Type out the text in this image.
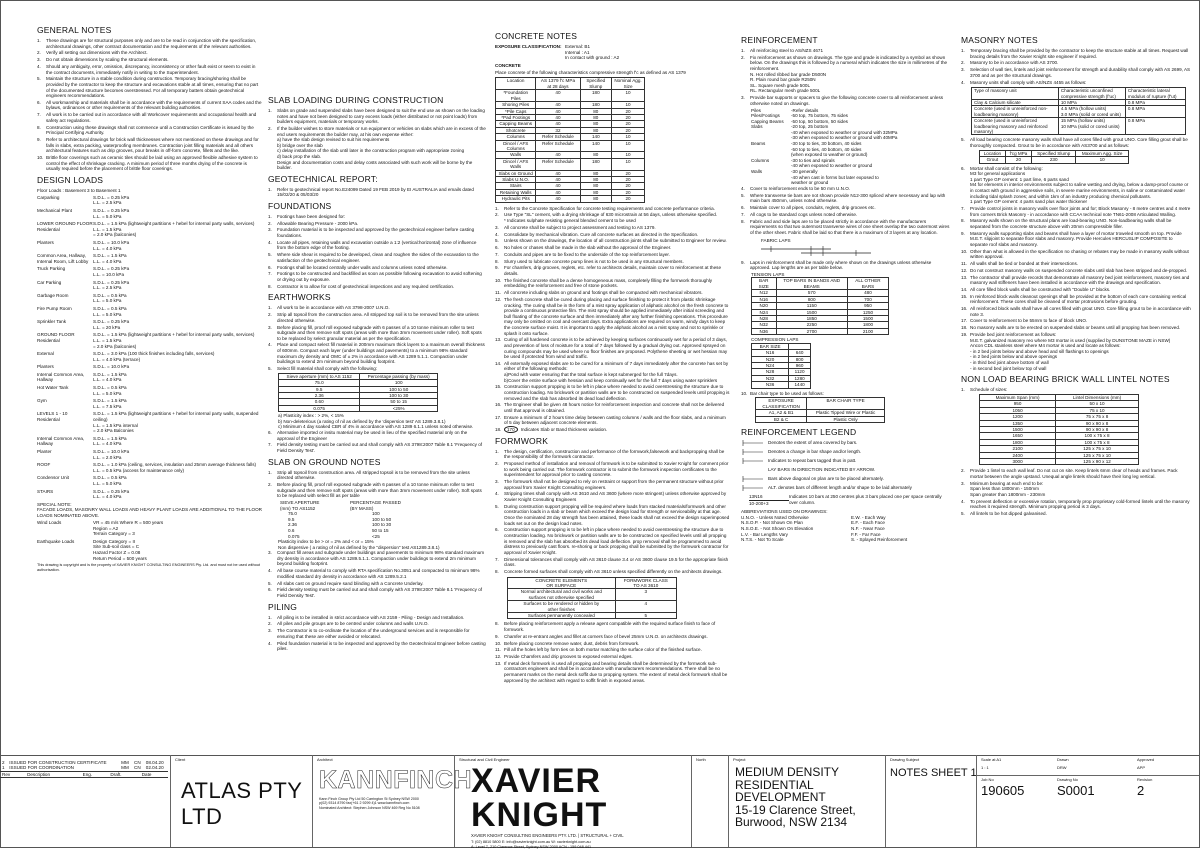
GENERAL NOTES
1.	These drawings are for structural purposes only and are to be read in conjunction with the specification, architectural drawings, other contract documentation and the requirements of the relevant authorities.
2.	Verify all setting out dimensions with the Architect.
3.	Do not obtain dimensions by scaling the structural elements.
4.	Should any ambiguity, error, omission, discrepancy, inconsistency or other fault exist or seem to exist in the contract documents, immediately notify in writing to the Superintendent.
5.	Maintain the structure in a stable condition during construction. Temporary bracing/shoring shall be provided by the contractor to keep the structure and excavations stable at all times, ensuring that no part of the documented structure becomes overstressed. For all temporary batters obtain geotechnical engineers recommendations.
6.	All workmanship and materials shall be in accordance with the requirements of current SAA codes and the bylaws, ordinances or other requirements of the relevant building authorities.
7.	All work is to be carried out in accordance with all Workcover requirements and occupational health and safety act regulations.
8.	Construction using these drawings shall not commence until a Construction Certificate is issued by the Principal Certifying Authority.
9.	Refer to architectural drawings for brick wall thicknesses where not mentioned on these drawings and for falls in slabs, extra packing, waterproofing membranes. Contraction joint filling materials and all others architectural features such as drip grooves, pour breaks in off-form concrete, fillets and the like.
10. Brittle floor coverings such as ceramic tiles should be laid using an approved flexible adhesive system to control the effect of shrinkage cracking. A minimum period of three months drying of the concrete is usually required before the placement of brittle floor coverings.
DESIGN LOADS
Floor Loads : Basement 3 to Basement 1
Carparking	S.D.L. = 0.25 kPa
L.L. = 2.5 kPa
Mechanical Plant	S.D.L. = 0.25 kPa
L.L. = 5.0 kPa
LOWER GROUND FLOOR
Residential
S.D.L. = 1.5 kPa (lightweight partitions + hebel for internal party walls, services)
L.L. = 1.5 kPa
= 2.0 kPa (balconies)
Planters	S.D.L. = 10.0 kPa
L.L. = 4.0 kPa
Common Area, Hallway, Internal Room, Lift Lobby
S.D.L. = 1.5 kPa
L.L. = 4.0 kPa
Truck Parking	S.D.L. = 0.25 kPa
L.L. = 10.0 kPa
Car Parking	S.D.L. = 0.25 kPa
L.L. = 2.5 kPa
Garbage Room	S.D.L. = 0.5 kPa
L.L. = 5.0 kPa
Fire Pump Room	S.D.L. = 0.5 kPa
L.L. = 5.0 kPa
Sprinkler Tank	S.D.L. = 0.25 kPa
L.L. = 20 kPa
GROUND FLOOR
Residential
S.D.L. = 1.5 kPa (lightweight partitions + hebel for internal party walls, services)
L.L. = 1.5 kPa
= 2.0 kPa (balconies)
External	S.D.L. = 3.0 kPa (100 thick finishes including falls, services)
L.L. = 4.0 kPa (terrace)
Planters	S.D.L. = 10.0 kPa
Internal Common Area, Hallway
S.D.L. = 1.5 kPa
L.L. = 4.0 kPa
Hot Water Tank	S.D.L. = 0.5 kPa
L.L. = 5.0 kPa
Gym	S.D.L. = 1.5 kPa
L.L. = 7.5 kPa
LEVELS 1 - 10
Residential
S.D.L. = 1.5 kPa (lightweight partitions + hebel for internal party walls, suspended ceiling)
L.L. = 1.5 kPa internal
= 2.0 kPa Balconies
Internal Common Area, Hallway
S.D.L. = 1.5 kPa
L.L. = 4.0 kPa
Planter	S.D.L. = 10.0 kPa
L.L. = 2.0 kPa
ROOF	S.D.L. = 1.0 kPa (ceiling, services, insulation and 25mm average thickness falls)
L.L. = 0.5 kPa (access for maintenance only)
Condensor Unit	S.D.L. = 0.5 kPa
L.L. = 5.0 kPa
STAIRS	S.D.L. = 0.25 kPa
L.L. = 4.0 kPa
SPECIAL NOTE:
FACADE LOADS, MASONRY WALL LOADS AND HEAVY PLANT LOADS ARE ADDITIONAL TO THE FLOOR LOADS NOMINATED ABOVE.
Wind Loads	VR = 45 m/s Where R = 500 years
Region = A2
Terrain Category = 3
Earthquake Loads	Design Category = II
Site Sub-soil class = C
Hazard Factor Z = 0.08
Return Period = 500 years
This drawing is copyright and is the property of XAVIER KNIGHT CONSULTING ENGINEERS Pty. Ltd. and must not be used without authorisation.
SLAB LOADING DURING CONSTRUCTION
1.	Slabs on grade and suspended slabs have been designed to suit the end use as shown on the loading notes and have not been designed to carry excess loads (either distributed or not point loads) from builders equipment, materials or temporary works.
2.	If the builder wishes to store materials or run equipment or vehicles on slabs which are in excess of the end users requirements the builder may, at his own expense either:
a) have the slab design revised to suit his requirements
b) bridge over the slab
c) delay installation of the slab until later in the construction program with appropriate zoning
d) back prop the slab.
Design and documentation costs and delay costs associated with such work will be borne by the builder.
GEOTECHNICAL REPORT:
1.	Refer to geotechnical report No.E24099 Dated 19 FEB 2019 by EI AUSTRALIA and emails dated 15/02/20 & 05/03/20
FOUNDATIONS
1.	Footings have been designed for:
2.	Allowable Bearing Pressure - 2000 kPa.
3.	Foundation material is to be inspected and approved by the geotechnical engineer before casting foundations.
4.	Locate all pipes, retaining walls and excavation outside a 1:2 (vertical:horizontal) zone of influence from the bottom edge of the footing.
5.	Where side shear is required to be developed, clean and roughen the sides of the excavation to the satisfaction of the geotechnical engineer.
6.	Footings shall be located centrally under walls and columns unless noted otherwise.
7.	Footings to be constructed and backfilled as soon as possible following excavation to avoid softening or drying out by exposure.
8.	Contractor is to allow for cost of geotechnical inspections and any required certification.
EARTHWORKS
1.	All work to be in accordance with AS 3798-2007 U.N.O.
2.	Strip all topsoil from the construction area. All stripped top soil is to be removed from the site unless directed otherwise.
3.	Before placing fill, proof roll exposed subgrade with 6 passes of a 10 tonne minimum roller to test subgrade and then remove soft spots (areas with more than 3mm movement under roller). Soft spots to be replaced by select granular material as per the specification.
4.	Place and compact select fill material in 200mm maximum thick layers to a maximum overall thickness of 600mm. Compact each layer (under buildings and pavements) to a minimum 98% standard maximum dry density and OMC of ± 2% in accordance with AS 1289 5.1.1. Compaction under buildings to extend 2m minimum beyond building footprint.
5.	Select fill material shall comply with the following:
Sieve aperture (mm) to AS 1152	Percentage passing (by mass)
75.0	100
9.5	100 to 50
2.36	100 to 30
0.60	50 to 15
0.075	<25%
a) Plasticity index : > 2%, < 15%
b) Non-deleterious (a rating of nil as defined by the 'dispersion test' AS 1289.3.8.1)
c) Minimum 4 day soaked CBR of 4% in accordance with AS 1289 6.1.1 unless noted otherwise.
6.	Alternative imported or insitu material may be used in lieu of the specified material only on the approval of the Engineer
7.	Field density testing must be carried out and shall comply with AS 3798:2007 Table 8.1 'Frequency of Field Density Test'.
SLAB ON GROUND NOTES
1.	Strip all topsoil from construction area. All stripped topsoil is to be removed from the site unless directed otherwise.
2.	Before placing fill, proof roll exposed subgrade with 6 passes of a 10 tonne minimum roller to test subgrade and then remove soft spots (areas with more than 3mm movement under roller). Soft spots to be replaced with select fill as per table
SIEVE APERTURE
(mm) TO AS1152
PERCENTAGE PASSED
(BY MASS)
75.0	100
9.5	100 to 50
2.36	100 to 30
0.6	50 to 15
0.075	<25
Plasticity index to be > or = 2% and < or = 15%
Non dispersive ( a rating of nil as defined by the "dispersion" test AS1289.3.8.1)
3.	Compact fill areas and subgrade under buildings and pavements to minimum 98% standard maximum dry density in accordance with AS 1289.5.1.1. Compaction under buildings to extend 2m minimum beyond building footprint.
4.	All base course material to comply with RTA specification No.3051 and compacted to minimum 98% modified standard dry density in accordance with AS 1289.5.2.1
5.	All slabs cast on ground require sand blinding with a Concrete Underlay.
6.	Field density testing must be carried out and shall comply with AS 3798:2007 Table 8.1 'Frequency of Field Density Test'.
PILING
1.	All piling is to be installed in strict accordance with AS 2159 - Piling - Design and Installation.
2.	All piles and pile groups are to be centred under columns and walls U.N.O.
3.	The Contractor is to co-ordinate the location of the underground services and is responsible for ensuring that these are either avoided or relocated.
4.	Piled foundation material is to be inspected and approved by the Geotechnical Engineer before casting piles.
CONCRETE NOTES
EXPOSURE CLASSIFICATION: External: B1
Internal : A1
In contact with ground : A2
CONCRETE
Place concrete of the following characteristics compressive strength f'c as defined as AS 1379
Location	AS 1379 f'c MPa at 28 days	Specified Slump	Nominal Agg. Size
*Foundation Piles	40	180	10
Shoring Piles	40	180	10
*Pile Caps	40	80	20
*Pad Footings	40	80	20
Capping Beams	40	80	20
Shotcrete	32	80	20
Columns	Refer Schedule	140	10
Dincel / AFS Columns	Refer Schedule	140	10
Walls	40	80	10
Dincel / AFS Walls	Refer Schedule	180	10
Slabs on Ground	40	80	20
Slabs U.N.O.	40	80	20
Stairs	40	80	20
Retaining Walls	40	80	20
Hydraulic Pits	40	80	20
1.	Refer to the Concrete Specification for concrete testing requirements and concrete performance criteria.
2.	Use Type "SL" cement, with a drying shrinkage of 630 microstrain at 56 days, unless otherwise specified.
* Indicates sulphate resisting general blended cement to be used
3.	All concrete shall be subject to project assessment and testing to AS 1379.
4.	Consolidate by mechanical vibration. Cure all concrete surfaces as directed in the Specification.
5.	Unless shown on the drawings, the location of all construction joints shall be submitted to Engineer for review.
6.	No holes or chases shall be made in the slab without the approval of the Engineer.
7.	Conduits and pipes are to be fixed to the underside of the top reinforcement layer.
8.	Slurry used to lubricate concrete pump lines is not to be used in any structural members.
9.	For chamfers, drip grooves, reglets, etc. refer to architects details, maintain cover to reinforcement at these details.
10. The finished concrete shall be a dense homogeneous mass, completely filling the formwork thoroughly embedding the reinforcement and free of stone pockets.
11. All concrete including slabs on ground and footings shall be compacted with mechanical vibrators.
12. The fresh concrete shall be cured during placing and surface finishing to protect it from plastic shrinkage cracking. The curing shall be in the form of a mist spray application of aliphatic alcohol on the fresh concrete to provide a continuous protective film. The mist spray should be applied immediately after initial screeding and bull floating of the concrete surface and then immediately after any further finishing operations. This procedure may only be omitted on cool and overcast days. Extra applications are required on warm, windy days to keep the concrete surface moist. It is important to apply the aliphatic alcohol as a mist spray and not to sprinkle or splash it onto surface.
13. Curing of all hardened concrete is to be achieved by keeping surfaces continuously wet for a period of 3 days, and prevention of loss of moisture for a total of 7 days followed by a gradual drying out. Approved sprayed on curing compounds may be used where no floor finishes are proposed. Polythene sheeting or wet hessian may be used if protected from wind and traffic.
14. All externally exposed slabs are to be cured for a minimum of 7 days immediately after the concrete has set by either of the following methods:
a)Pond with water ensuring that the total surface is kept submerged for the full 7days.
b)Cover the entire surface with hessian and keep continually wet for the full 7 days using water sprinklers
15. Construction support propping is to be left in place where needed to avoid overstressing the structure due to construction loading. No brickwork or partition walls are to be constructed on suspended levels until propping is removed and the slab has absorbed its dead load deflection.
16. The Engineer shall be given 48 hours notice for reinforcement inspection and concrete shall not be delivered until that approval is obtained.
17. Ensure a minimum of 2 hours time delay between casting columns / walls and the floor slabs, and a minimum of 5 day between adjacent concrete elements.
18.	170 Indicates Slab or Band thickness variation.
FORMWORK
1.	The design, certification, construction and performance of the formwork,falsework and backpropping shall be the responsibility of the formwork contractor.
2.	Proposed method of installation and removal of formwork is to be submitted to Xavier Knight for comment prior to work being carried out. The formwork contractor is to submit the formwork inspection certificates to the superintendent for approval prior to casting concrete.
3.	The formwork shall not be designed to rely on restraint or support from the permanent structure without prior approval from Xavier Knight Consulting engineers.
4.	Stripping times shall comply with AS 3610 and AS 3600 (where more stringent) unless otherwise approved by Xavier Knight Consulting Engineers
5.	During construction support propping will be required where loads from stacked materials/formwork and other construction loads in a slab or beam which exceed the design load for strength or serviceability at that age. Once the nominated 28 day strength has been attained, these loads shall not exceed the design superimposed loads set out on the design load notes.
6.	Construction support propping is to be left in place where needed to avoid overstressing the structure due to construction loading. No brickwork or partition walls are to be constructed on specified levels until all propping is removed and the slab has absorbed its dead load deflection. prop removal shall be programmed to avoid distress to previously cast floors. re-shoring or back propping shall be submitted by the formwork contractor for approval of Xavier Knight.
7.	Dimensional tolerances shall comply with AS 3610 clause 3.4 or AS 3600 clause 19.5 for the appropriate finish class.
8.	Concrete formed surfaces shall comply with AS 3610 unless specified differently on the architects drawings.
CONCRETE ELEMENTS
OR SURFACE	FORMWORK CLASS
TO AS 3610
Normal architectural and civil works and
surfaces not otherwise specified	3
Surfaces to be rendered or hidden by
other finishes	4
Surfaces permanently concealed	5
8.	Before placing reinforcement apply a release agent compatible with the required surface finish to face of formwork.
9.	Chamfer at re-entrant angles and fillet at corners face of bevel 25mm U.N.O. on architects drawings.
10. Before placing concrete remove water, dust, debris from formwork.
11. Fill all the holes left by form ties on both mortar matching the surface color of the finished surface.
12. Provide Chamfers and drip grooves to exposed external edges.
13. If metal deck formwork is used all propping and bearing details shall be determined by the formwork sub-contractors engineers and shall be in accordance with manufacturers recommendations. There shall be no permanent marks on the metal deck soffit due to propping system. The extent of metal deck formwork shall be approved by the architect with regard to soffit finish in exposed areas.
REINFORCEMENT
1.	All reinforcing steel to AS/NZS 4671
2.	Fix reinforcement as shown on drawings. The type and grade is indicated by a symbol as shown below. On the drawings this is followed by a numeral which indicates the size in millimetres of the reinforcement.
N. Hot rolled ribbed bar grade D500N
R. Plain round bar grade R250N
SL. Square mesh grade 500L
RL. Rectangular mesh grade 500L
3.	Provide bar supports or spacers to give the following concrete cover to all reinforcement unless otherwise noted on drawings.
Piles	-Refer details
Piles/Footings	-50 top, 75 bottom, 75 sides
Capping Beams	-50 top, 50 bottom, 50 sides
Slabs	-20 top, 25 bottom
-40 when exposed to weather or ground with 32MPa
-30 when exposed to weather or ground with 40MPa
Beams	-30 top to ties, 30 bottom, 40 sides
-50 top to ties, 40 bottom, 40 sides
(when exposed to weather or ground)
Columns	-30 to ties and spirals
-40 when exposed to weather or ground
Walls	-30 generally
-40 when cast in forms but later exposed to
weather or ground
4.	Cover to reinforcement ends to be 50 mm U.N.O.
5.	Where transverse tie bars are not shown provide N12-300 spliced where necessary and lap with main bars 450mm, unless noted otherwise.
6.	Maintain cover to all pipes, conduits, reglets, drip grooves etc.
7.	All cogs to be standard cogs unless noted otherwise.
8.	Fabric and and side laps are to be placed strictly in accordance with the manufacturers requirements so that two outermost transverse wires of one sheet overlap the two outermost wires of the other sheet. Fabric shall be laid so that there is a maximum of 3 layers at any location.
FABRIC LAPS
9.	Laps in reinforcement shall be made only where shown on the drawings unless otherwise approved. Lap lengths are as per table below.
TENSION LAPS
BAR SIZE	TOP BARS IN BANDS AND BEAMS	ALL OTHER BARS
N12	570	480
N16	800	700
N20	1150	950
N24	1500	1250
N28	1850	1500
N32	2250	1800
N36	2700	2100
COMPRESSION LAPS
BAR SIZE	
N16	640
N20	800
N24	960
N28	1120
N32	1280
N36	1440
10. Bar chair type to be used as follows:
EXPOSURE
CLASSIFICATION	BAR CHAIR TYPE
A1, A2 & B1	Plastic Tipped Wire or Plastic
B2 & C	Plastic Only
REINFORCEMENT LEGEND
Denotes the extent of area covered by bars.
Denotes a change in bar shape and/or length.
Indicates to repeat bars tagged thus in patt.
LAY BARS IN DIRECTION INDICATED BY ARROW.
Bars above diagonal on plan are to be placed alternately.
ALT. denotes bars of different length and/or shape to be laid alternately
13N16
10-200+3
Indicates 10 bars at 250 centres plus 3 bars placed one per space centrally over column.
ABBREVIATIONS USED ON DRAWINGS:
U.N.O. - Unless Noted Otherwise	E.W. - Each Way
N.S.O.P. - Not Shown On Plan	E.F. - Each Face
N.S.O.E. - Not Shown On Elevation	N.F. - Near Face
L.V. - Bar Lengths Vary	F.F. - Far Face
N.T.S. - Not To Scale	S. - Splayed Reinforcement
MASONRY NOTES
1.	Temporary bracing shall be provided by the contractor to keep the structure stable at all times. Request wall bracing details from the Xavier Knight site engineer if required.
2.	Masonry to be in accordance with AS 3700.
3.	Selection of wall ties, lintels and joint reinforcement for strength and durability shall comply with AS 2699, AS 3700 and as per the structural drawings.
4.	Masonry units shall comply with AS/NZS 4455 as follows:
Type of masonry unit	Characteristic unconfined compressive strength (f'uc)	Characteristic lateral modulus of rupture (f'ut)
Clay & Calcium silicate	10 MPa	0.8 MPa
Concrete (used in unreinforced non-loadbearing masonry)	4.5 MPa (hollow units)
3.0 MPa (solid or cored units)	0.8 MPa
Concrete (used in unreinforced loadbearing masonry and reinforced masonry)	15 MPa (hollow units)
10 MPa (solid or cored units)	0.8 MPa
5.	All load bearing concrete masonry walls shall have all cores filled with grout UNO. Core filling grout shall be thoroughly compacted. Grout to be in accordance with AS3700 and as follows:
Location	f'cg MPa	Specified Slump	Maximum Agg. Size
Grout	20	230	10
6.	Mortar shall consist of the following:
M3 for general applications
1 part Type GP cement: 1 part lime, 6 parts sand
M4 for elements in interior environments subject to saline wetting and drying, below a damp-proof course or in contact with ground in aggressive soils, in severe marine environments, in saline or contaminated water including tidal splash zones; and within 1km of an industry producing chemical pollutants.
1 part Type GP cement: 4 parts sand plus water thickener
7.	Provide control joints in masonry walls over floor joints and for; Block Masonry - 8 metre centres and 4 metre from corners Brick Masonry - in accordance with CCAA technical note TN61-2008 Articulated Walling.
8.	Masonry walls shown on the structural plans are load-bearing UNO. Non-loadbearing walls shall be separated from the concrete structure above with 20mm compressible filler.
9.	Masonry walls supporting slabs and beams shall have a layer of mortar troweled smooth on top. Provide M.E.T. slipjoint to separate floor slabs and masonry. Provide Hercules HERCUSLIP COMPOSITE to separate roof slabs and masonry.
10. Other than what is allowed in the specification no chasing or rebates may be made in masonry walls without written approval.
11. All walls shall be tied or bonded at their intersections.
12. Do not construct masonry walls on suspended concrete slabs until slab has been stripped and de-propped.
13. The contractor shall provide records that demonstrate all masonry bed joint reinforcement, masonry ties and masonry wall stiffeners have been installed in accordance with the drawings and specification.
14. All core filled block walls shall be constructed with "Double U" blocks.
15. In reinforced block walls cleanout openings shall be provided at the bottom of each core containing vertical reinforcement. These cores shall be cleaned of mortar protrusions before grouting.
16. All reinforced block walls shall have all cores filled with grout UNO. Core filling grout to be in accordance with note 3.
17. Cover to reinforcement to be 55mm to face of block UNO.
18. No masonry walls are to be erected on suspended slabs or beams until all propping has been removed.
19. Provide bed joint reinforcement as follows:
M.E.T. galvanized masonry reo where M3 mortar is used (supplied by DUNSTONE MAZE in NSW)
Ancon CDL stainless steel where M4 mortar is used and locate as follows:
- in 2 bed joints below and above head and sill flashings to openings
- in 2 bed joints below and above openings
- in third bed joint above bottom of wall
- in second bed joint below top of wall
NON LOAD BEARING BRICK WALL LINTEL NOTES
1.	Schedule of sizes:
Maximum Span (mm)	Lintel Dimensions (mm)
950	50 x 10
1050	75 x 10
1200	75 x 75 x 8
1350	90 x 90 x 8
1500	90 x 90 x 8
1650	100 x 75 x 8
1800	100 x 75 x 8
2100	125 x 75 x 10
2400	125 x 75 x 10
3000	125 x 90 x 12
2.	Provide 1 lintel to each wall leaf. Do not cut on site. Keep lintels 6mm clear of heads and frames. Pack mortar between the angle upstand. Unequal angle lintels should have their long leg vertical.
3.	Minimum bearing at each end to be:
Span less than 1800mm - 150mm
Span greater than 1800mm - 230mm
4.	To prevent deflection or excessive rotation, temporarily prop proprietary cold-formed lintels until the masonry reaches it required strength. Minimum propping period is 3 days.
5.	All lintels to be hot dipped galvanised.
2	ISSUED FOR CONSTRUCTION CERTIFICATE	MM	CN	08.04.20
1	ISSUED FOR COORDINATION	MM	CN	02.04.20
Rev	Description	Eng.	Draft.	Date
Client
ATLAS PTY LTD
Architect
KANNFINCH
Kann Finch Group Pty Ltd 50 Carrington St Sydney NSW 2000
p(02) 9314 8790 fax(+61 2 9299 4)1 www.kannfinch.com
Nominated Architect: Stephen Johnson NSW 469 Reg No 5108
Structural and Civil Engineer
XAVIER KNIGHT
XAVIER KNIGHT CONSULTING ENGINEERS PTY. LTD. | STRUCTURAL + CIVIL
T: (02) 8810 5800 E: info@xavierknight.com.au W: xavierknight.com.au
A: Level 7, 210 Clarence Street, Sydney NSW 2000 ACN : 159 048 441
North	Project
MEDIUM DENSITY RESIDENTIAL DEVELOPMENT
15-19 Clarence Street, Burwood, NSW 2134
Drawing Subject
NOTES SHEET 1
Scale at A1
1 : 1
Drawn
DRW
Approved
APP
Job No
190605
Drawing No
S0001
Revision
2
